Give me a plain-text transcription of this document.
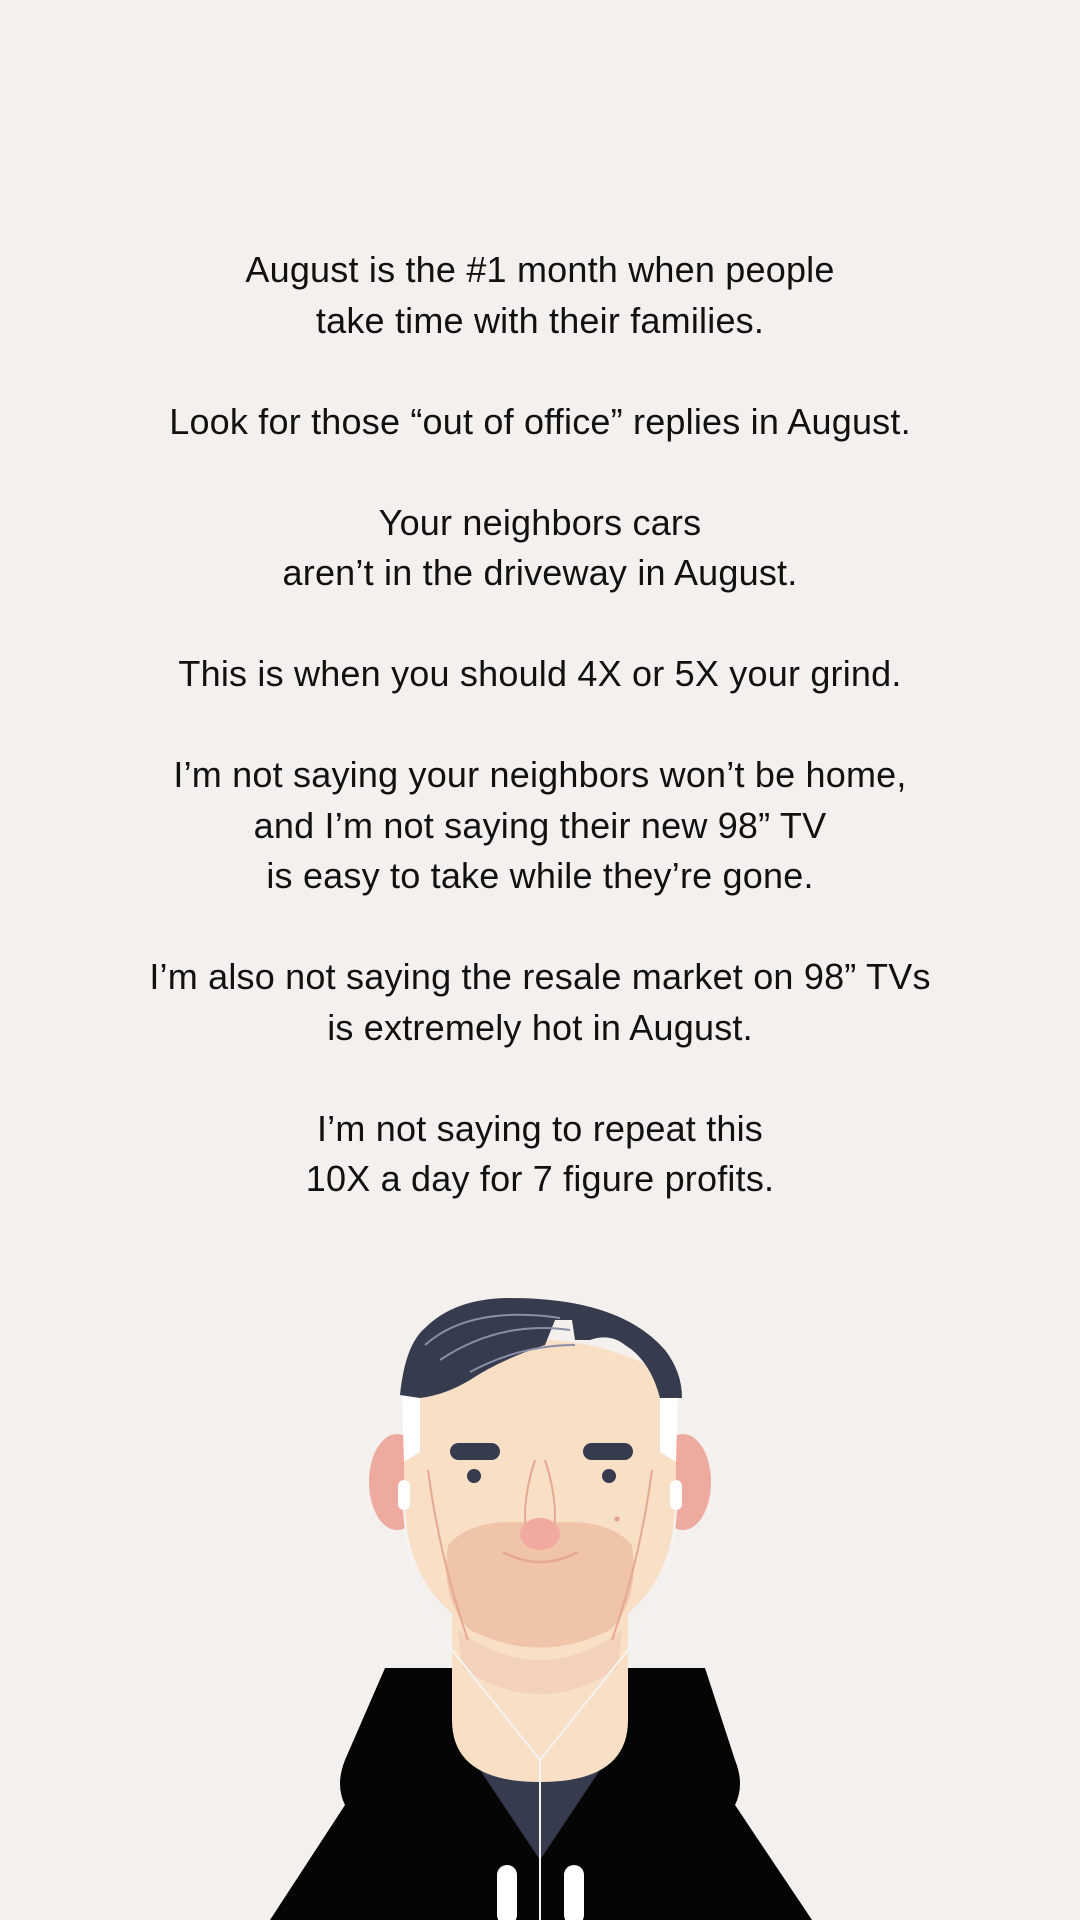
August is the #1 month when people
take time with their families.

Look for those “out of office” replies in August.

Your neighbors cars
aren’t in the driveway in August.

This is when you should 4X or 5X your grind.

I’m not saying your neighbors won’t be home,
and I’m not saying their new 98” TV
is easy to take while they’re gone.

I’m also not saying the resale market on 98” TVs
is extremely hot in August.

I’m not saying to repeat this
10X a day for 7 figure profits.
